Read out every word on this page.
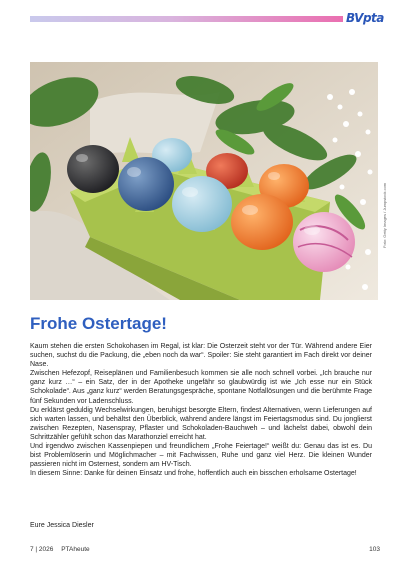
BVpta
Foto: Getty Images / Jumpstock.com
Frohe Ostertage!

Kaum stehen die ersten Schokohasen im Regal, ist klar: Die Osterzeit steht vor der Tür. Während andere Eier suchen, suchst du die Packung, die „eben noch da war“. Spoiler: Sie steht garantiert im Fach direkt vor deiner Nase.

Zwischen Hefezopf, Reiseplänen und Familienbesuch kommen sie alle noch schnell vorbei. „Ich brauche nur ganz kurz …“ – ein Satz, der in der Apotheke ungefähr so glaubwürdig ist wie „Ich esse nur ein Stück Schokolade“. Aus „ganz kurz“ werden Beratungsgespräche, spontane Notfallösungen und die berühmte Frage fünf Sekunden vor Ladenschluss.

Du erklärst geduldig Wechselwirkungen, beruhigst besorgte Eltern, findest Alternativen, wenn Lieferungen auf sich warten lassen, und behältst den Überblick, während andere längst im Feiertagsmodus sind. Du jonglierst zwischen Rezepten, Nasenspray, Pflaster und Schokoladen-Bauchweh – und lächelst dabei, obwohl dein Schrittzähler gefühlt schon das Marathonziel erreicht hat.

Und irgendwo zwischen Kassenpiepen und freundlichem „Frohe Feiertage!“ weißt du: Genau das ist es. Du bist Problemlöserin und Möglichmacher – mit Fachwissen, Ruhe und ganz viel Herz. Die kleinen Wunder passieren nicht im Osternest, sondern am HV-Tisch.

In diesem Sinne: Danke für deinen Einsatz und frohe, hoffentlich auch ein bisschen erholsame Ostertage!

Eure Jessica Diesler

7 | 2026 PTAheute	103
